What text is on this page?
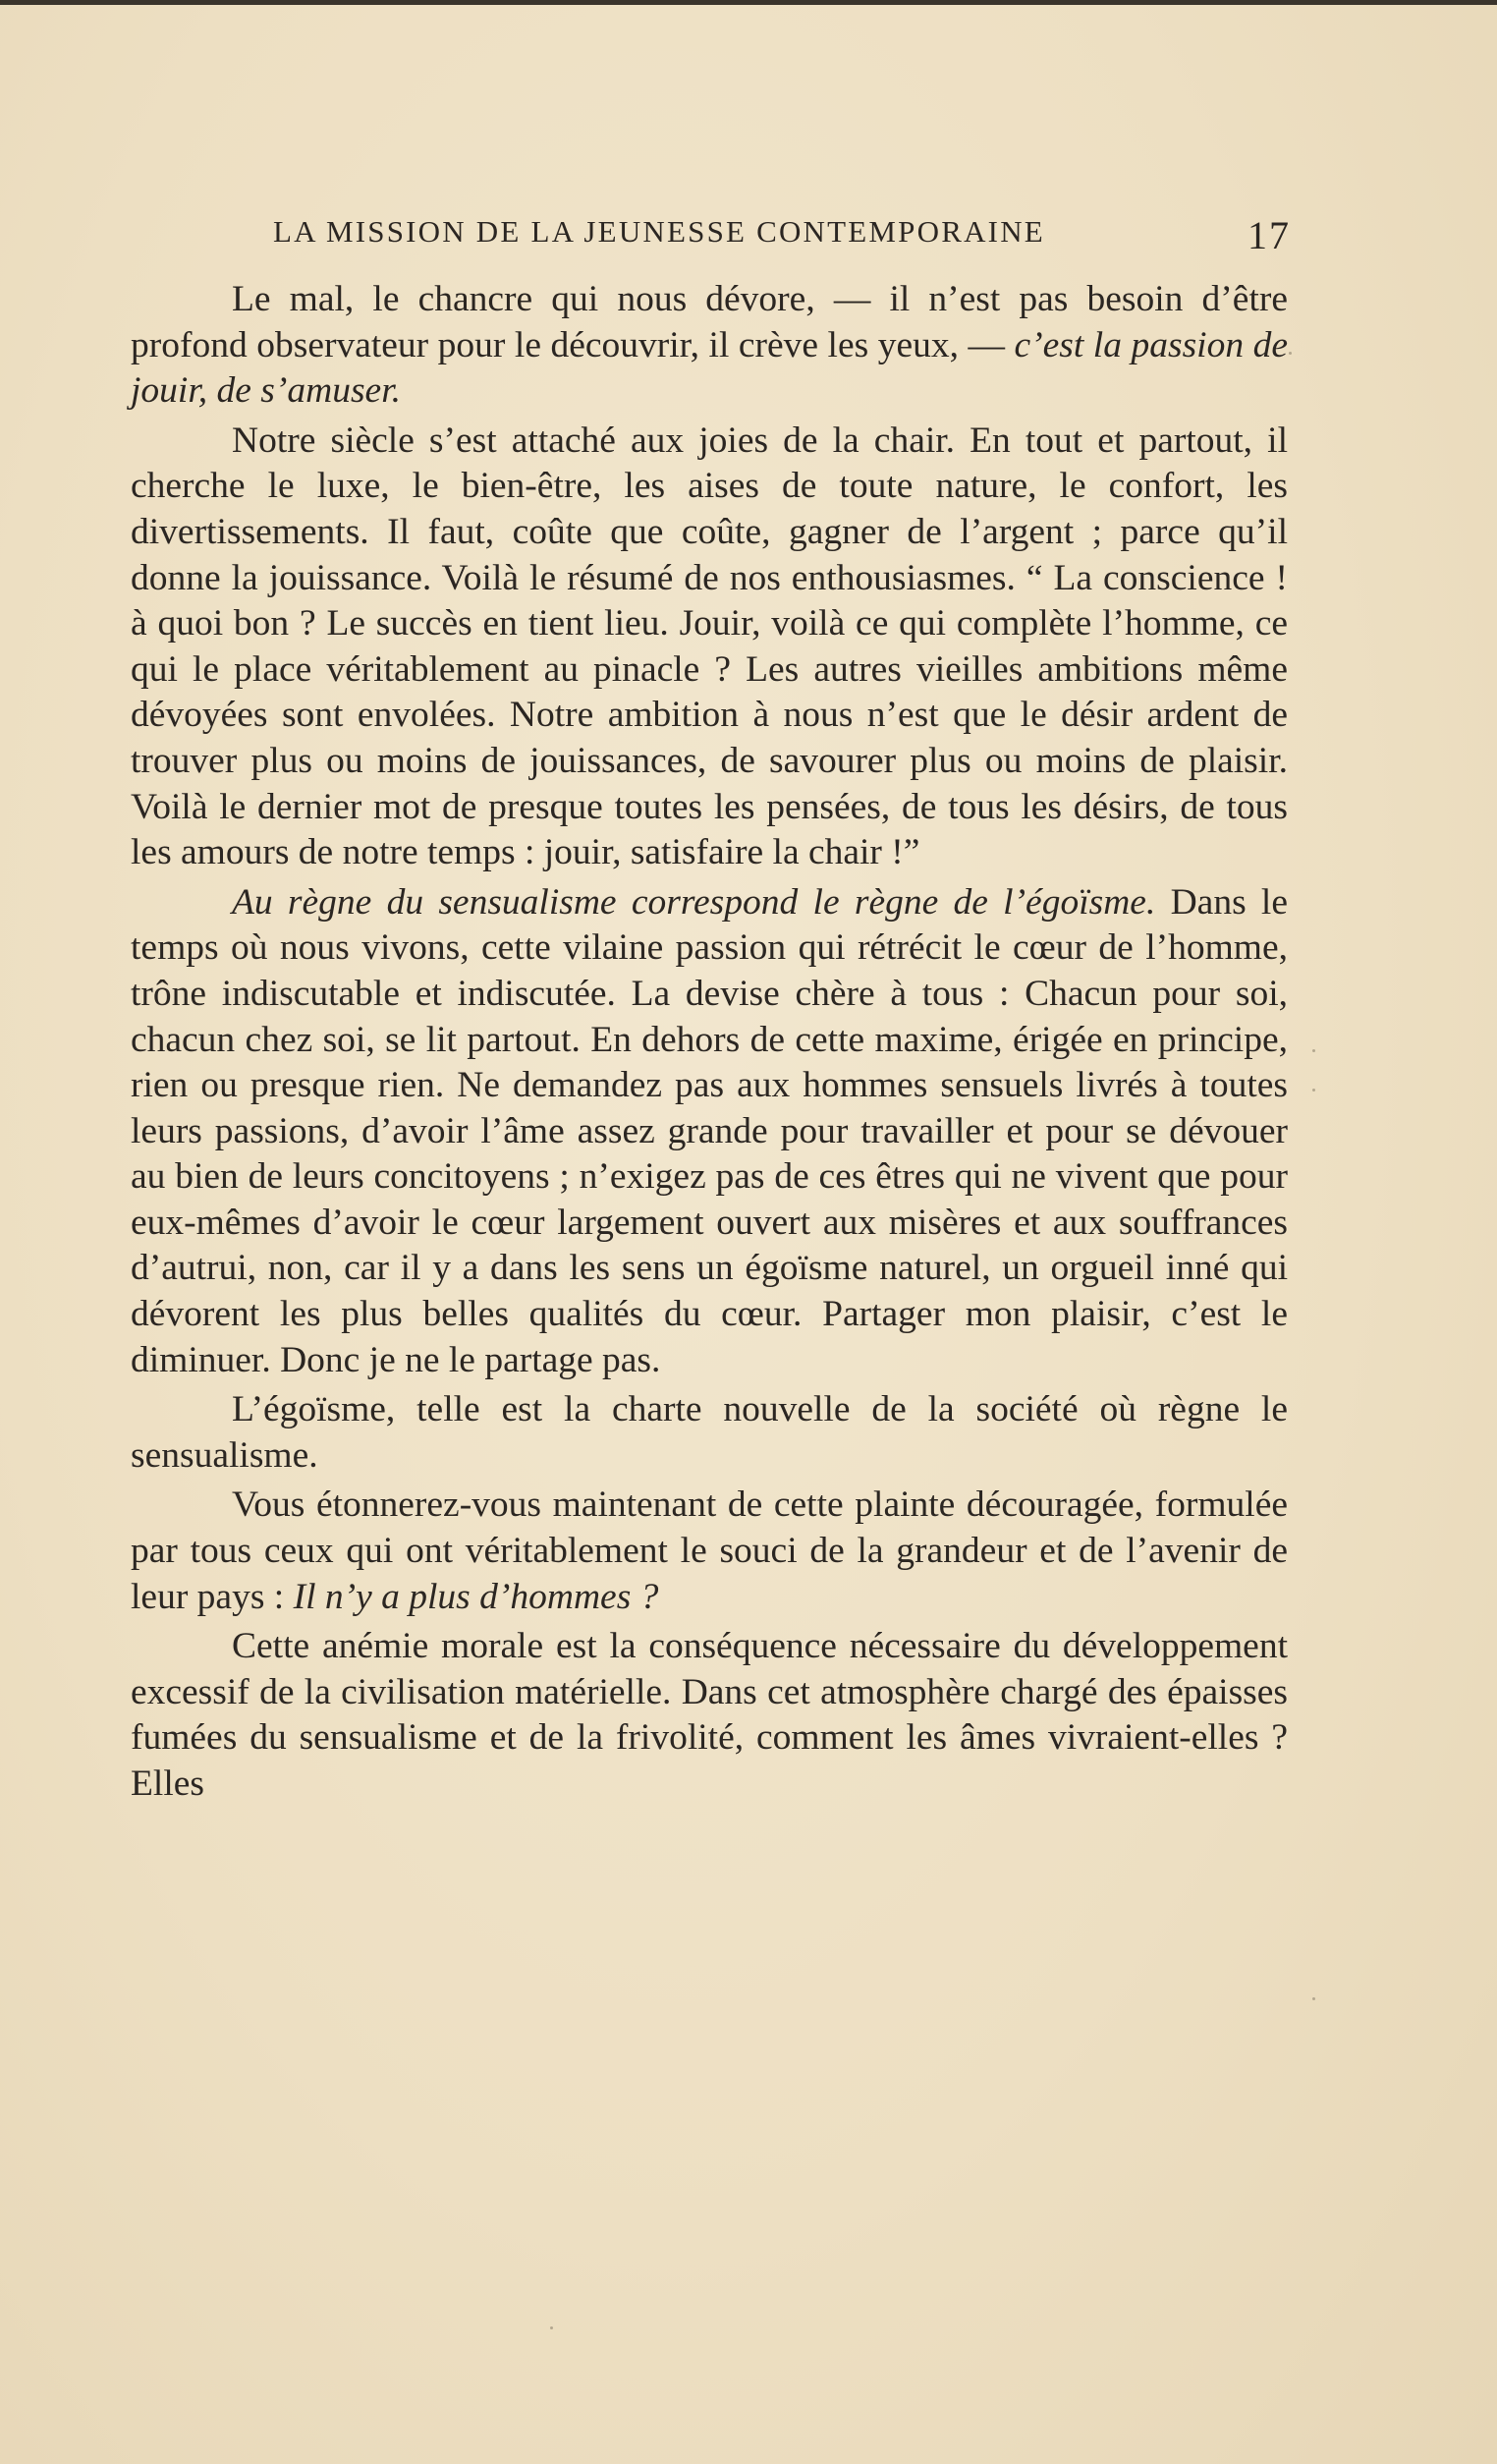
LA MISSION DE LA JEUNESSE CONTEMPORAINE	17

Le mal, le chancre qui nous dévore, — il n’est pas besoin d’être profond observateur pour le découvrir, il crève les yeux, — c’est la passion de jouir, de s’amuser.

Notre siècle s’est attaché aux joies de la chair. En tout et partout, il cherche le luxe, le bien-être, les aises de toute nature, le confort, les divertissements. Il faut, coûte que coûte, gagner de l’argent ; parce qu’il donne la jouissance. Voilà le résumé de nos enthousiasmes. “ La conscience ! à quoi bon ? Le succès en tient lieu. Jouir, voilà ce qui complète l’homme, ce qui le place véritablement au pinacle ? Les autres vieilles ambitions même dévoyées sont envolées. Notre ambition à nous n’est que le désir ardent de trouver plus ou moins de jouissances, de savourer plus ou moins de plaisir. Voilà le dernier mot de presque toutes les pensées, de tous les désirs, de tous les amours de notre temps : jouir, satisfaire la chair !”

Au règne du sensualisme correspond le règne de l’égoïsme. Dans le temps où nous vivons, cette vilaine passion qui rétrécit le cœur de l’homme, trône indiscutable et indiscutée. La devise chère à tous : Chacun pour soi, chacun chez soi, se lit partout. En dehors de cette maxime, érigée en principe, rien ou presque rien. Ne demandez pas aux hommes sensuels livrés à toutes leurs passions, d’avoir l’âme assez grande pour travailler et pour se dévouer au bien de leurs concitoyens ; n’exigez pas de ces êtres qui ne vivent que pour eux-mêmes d’avoir le cœur largement ouvert aux misères et aux souffrances d’autrui, non, car il y a dans les sens un égoïsme naturel, un orgueil inné qui dévorent les plus belles qualités du cœur. Partager mon plaisir, c’est le diminuer. Donc je ne le partage pas.

L’égoïsme, telle est la charte nouvelle de la société où règne le sensualisme.

Vous étonnerez-vous maintenant de cette plainte découragée, formulée par tous ceux qui ont véritablement le souci de la grandeur et de l’avenir de leur pays : Il n’y a plus d’hommes ?

Cette anémie morale est la conséquence nécessaire du développement excessif de la civilisation matérielle. Dans cet atmosphère chargé des épaisses fumées du sensualisme et de la frivolité, comment les âmes vivraient-elles ? Elles
